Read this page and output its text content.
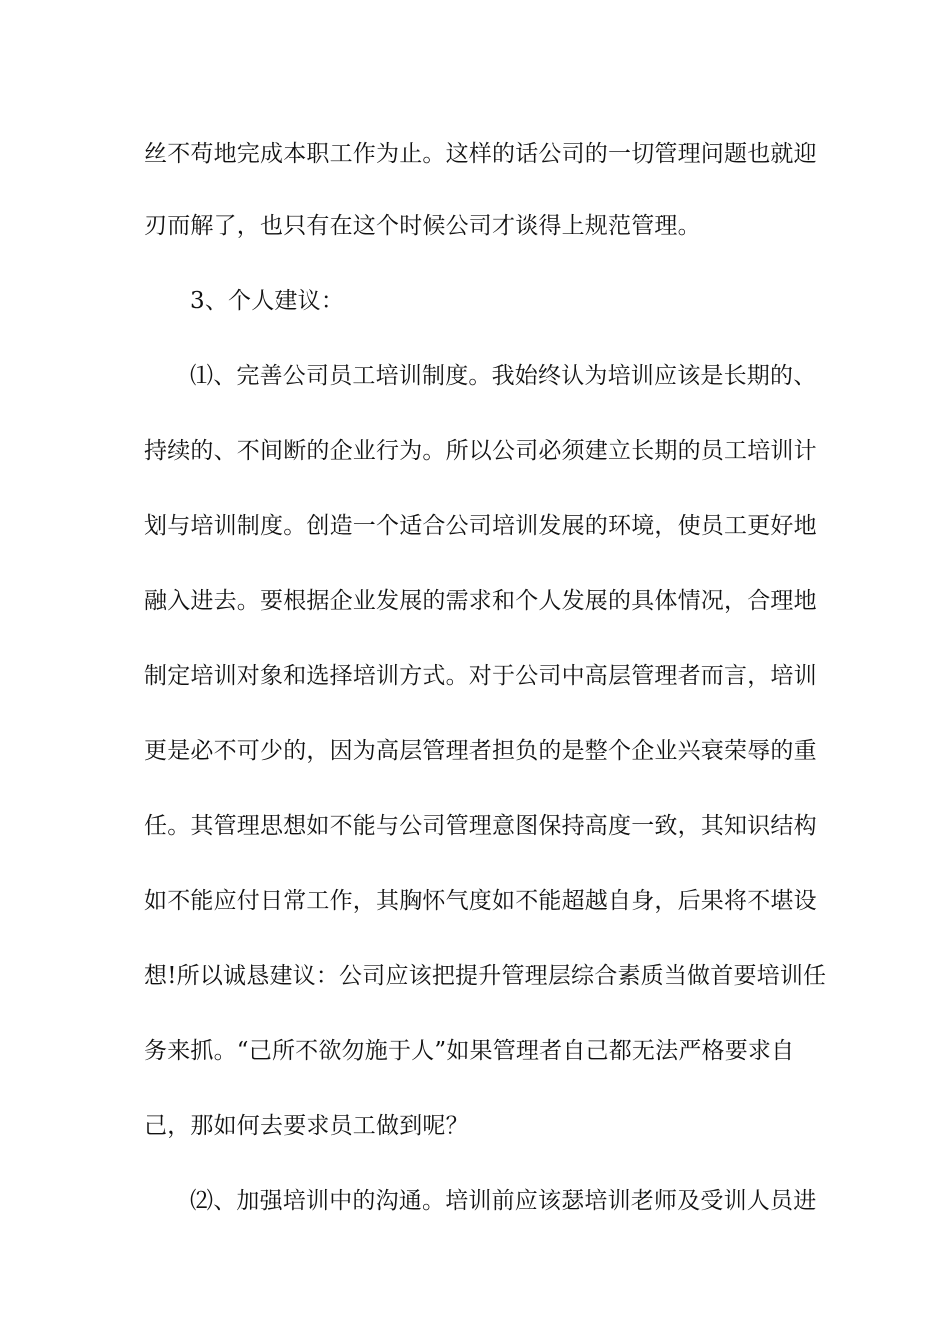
丝不苟地完成本职工作为止。这样的话公司的一切管理问题也就迎
刃而解了，也只有在这个时候公司才谈得上规范管理。
3、个人建议：
⑴、完善公司员工培训制度。我始终认为培训应该是长期的、
持续的、不间断的企业行为。所以公司必须建立长期的员工培训计
划与培训制度。创造一个适合公司培训发展的环境，使员工更好地
融入进去。要根据企业发展的需求和个人发展的具体情况，合理地
制定培训对象和选择培训方式。对于公司中高层管理者而言，培训
更是必不可少的，因为高层管理者担负的是整个企业兴衰荣辱的重
任。其管理思想如不能与公司管理意图保持高度一致，其知识结构
如不能应付日常工作，其胸怀气度如不能超越自身，后果将不堪设
想!所以诚恳建议：公司应该把提升管理层综合素质当做首要培训任
务来抓。“己所不欲勿施于人”如果管理者自己都无法严格要求自
己，那如何去要求员工做到呢？
⑵、加强培训中的沟通。培训前应该瑟培训老师及受训人员进
